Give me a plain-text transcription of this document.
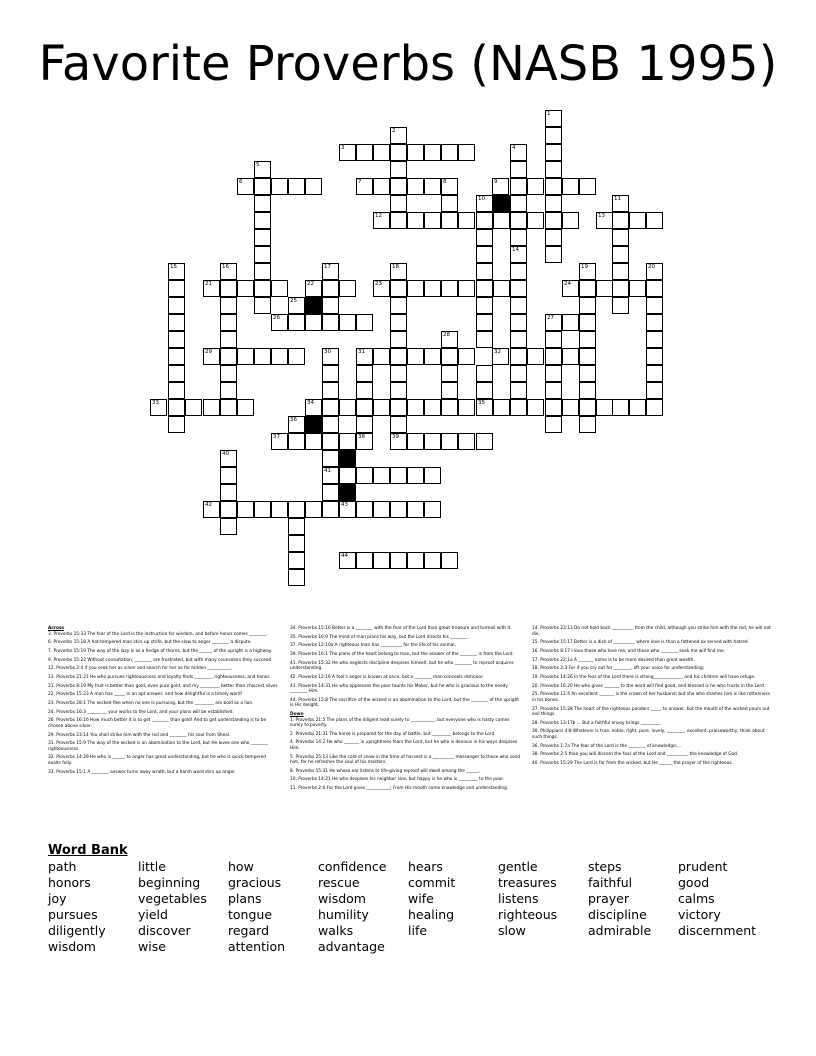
Favorite Proverbs (NASB 1995)
1
2
3	4
5
6	7	8	9
10	11
12	13
14
15	16	17	18	19	20
21	22	23	24
25
26	27
28
29	30	31	32
33	34	35
36
37	38	39
40
41
42	43
44

Across

3. Proverbs 15:33 The fear of the Lord is the instruction for wisdom, and before honor comes ________.

6. Proverbs 15:18 A hot-tempered man stirs up strife, but the slow to anger ________ a dispute.

7. Proverbs 15:19 The way of the lazy is as a hedge of thorns, but the ______ of the upright is a highway.

9. Proverbs 15:22 Without consultation, ________ are frustrated, but with many counselors they succeed.

12. Proverbs 2:4 if you seek her as silver and search for her as for hidden ___________.

13. Proverbs 21:21 He who pursues righteousness and loyalty finds ________, righteousness, and honor.

21. Proverbs 8:19 My fruit is better than gold, even pure gold, and my _________ better than choicest silver.

22. Proverbs 15:23 A man has _____ in an apt answer, and how delightful is a timely word!

23. Proverbs 28:1 The wicked flee when no one is pursuing, but the _________ are bold as a lion.

24. Proverbs 16:3 _________ your works to the Lord, and your plans will be established.

26. Proverbs 16:16 How much better it is to get ________ than gold! And to get understanding is to be chosen above silver.

29. Proverbs 23:14 You shall strike him with the rod and ________ his soul from Sheol.

31. Proverbs 15:9 The way of the wicked is an abomination to the Lord, but He loves one who ________ righteousness.

32. Proverbs 14:29 He who is ______ to anger has great understanding, but he who is quick-tempered exalts folly.

33. Proverbs 15:1 A ________ answer turns away wrath, but a harsh word stirs up anger.

34. Proverbs 15:16 Better is a ________ with the fear of the Lord than great treasure and turmoil with it.

35. Proverbs 16:9 The mind of man plans his way, but the Lord directs his ________.

37. Proverbs 12:10a A righteous man has __________ for the life of his animal,

39. Proverbs 16:1 The plans of the heart belong to man, but the answer of the ________ is from the Lord.

41. Proverbs 15:32 He who neglects discipline despises himself, but he who ________ to reproof acquires understanding.

42. Proverbs 12:16 A fool's anger is known at once, but a ________ man conceals dishonor.

43. Proverbs 14:31 He who oppresses the poor taunts his Maker, but he who is gracious to the needy ________ Him.

44. Proverbs 15:8 The sacrifice of the wicked is an abomination to the Lord, but the ________ of the upright is His delight.

Down

1. Proverbs 21:5 The plans of the diligent lead surely to ___________, but everyone who is hasty comes surely to poverty.

2. Proverbs 21:31 The horse is prepared for the day of battle, but _________ belongs to the Lord.

4. Proverbs 14:2 He who _______ in uprightness fears the Lord, but he who is devious in his ways despises Him.

5. Proverbs 25:13 Like the cold of snow in the time of harvest is a __________ messenger to those who send him, for he refreshes the soul of his masters.

8. Proverbs 15:31 He whose ear listens to life-giving reproof will dwell among the ______.

10. Proverbs 14:21 He who despises his neighbor sins, but happy is he who is _________ to the poor.

11. Proverbs 2:6 For the Lord gives ___________; From His mouth come knowledge and understanding.

14. Proverbs 23:13 Do not hold back __________ from the child, although you strike him with the rod, he will not die.

15. Proverbs 15:17 Better is a dish of __________ where love is than a fattened ox served with hatred.

16. Proverbs 8:17 I love those who love me, and those who ________ seek me will find me.

17. Proverbs 22:1a A _______ name is to be more desired than great wealth.

18. Proverbs 2:3 For if you cry out for ________, lift your voice for understanding;

19. Proverbs 14:26 In the fear of the Lord there is strong_____________, and his children will have refuge.

20. Proverbs 16:20 He who gives _______ to the word will find good, and blessed is he who trusts in the Lord.

25. Proverbs 12:4 An excellent _______ is the crown of her husband; but she who shames him is like rottenness in his bones.

27. Proverbs 15:28 The heart of the righteous ponders _____ to answer, but the mouth of the wicked pours out evil things.

28. Proverbs 13:17b ... But a faithful envoy brings _________.

30. Philippians 4:8 Whatever is true, noble, right, pure, lovely, ________, excellent, praiseworthy, think about such things.

36. Proverbs 1:7a The fear of the Lord is the ________ of knowledge;...

38. Proverbs 2:5 then you will discern the fear of the Lord and __________ the knowledge of God.

40. Proverbs 15:29 The Lord is far from the wicked, but He ______ the prayer of the righteous.

Word Bank
path	little	how	confidence	hears	gentle	steps	prudent
honors	beginning	gracious	rescue	commit	treasures	faithful	good
joy	vegetables	plans	wisdom	wife	listens	prayer	calms
pursues	yield	tongue	humility	healing	righteous	discipline	victory
diligently	discover	regard	walks	life	slow	admirable	discernment
wisdom	wise	attention	advantage
